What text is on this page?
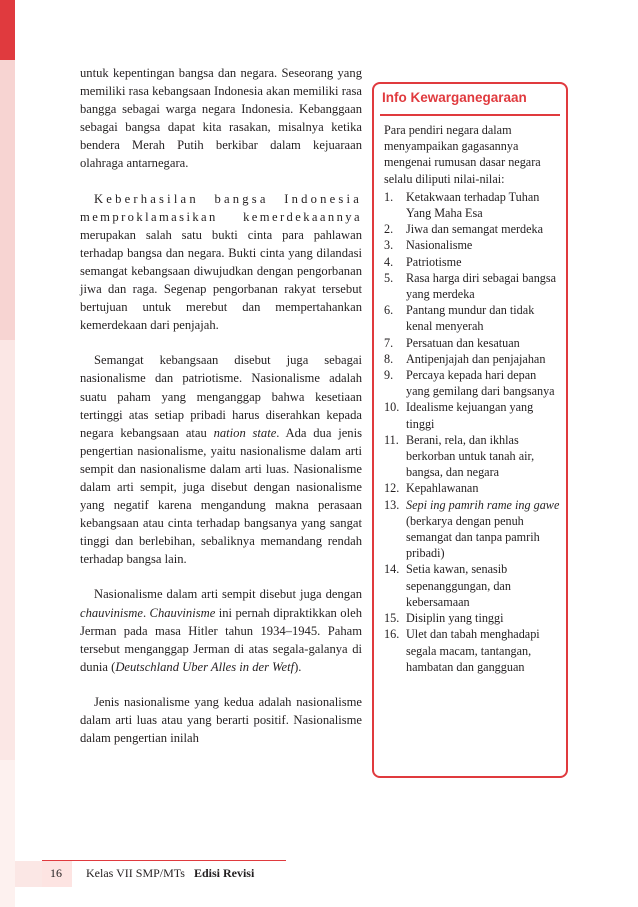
untuk kepentingan bangsa dan negara. Seseorang yang memiliki rasa kebangsaan Indonesia akan memiliki rasa bangga sebagai warga negara Indonesia. Kebanggaan sebagai bangsa dapat kita rasakan, misalnya ketika bendera Merah Putih berkibar dalam kejuaraan olahraga antarnegara.

Keberhasilan bangsa Indonesia memproklamasikan kemerdekaannya merupakan salah satu bukti cinta para pahlawan terhadap bangsa dan negara. Bukti cinta yang dilandasi semangat kebangsaan diwujudkan dengan pengorbanan jiwa dan raga. Segenap pengorbanan rakyat tersebut bertujuan untuk merebut dan mempertahankan kemerdekaan dari penjajah.

Semangat kebangsaan disebut juga sebagai nasionalisme dan patriotisme. Nasionalisme adalah suatu paham yang menganggap bahwa kesetiaan tertinggi atas setiap pribadi harus diserahkan kepada negara kebangsaan atau nation state. Ada dua jenis pengertian nasionalisme, yaitu nasionalisme dalam arti sempit dan nasionalisme dalam arti luas. Nasionalisme dalam arti sempit, juga disebut dengan nasionalisme yang negatif karena mengandung makna perasaan kebangsaan atau cinta terhadap bangsanya yang sangat tinggi dan berlebihan, sebaliknya memandang rendah terhadap bangsa lain.

Nasionalisme dalam arti sempit disebut juga dengan chauvinisme. Chauvinisme ini pernah dipraktikkan oleh Jerman pada masa Hitler tahun 1934–1945. Paham tersebut menganggap Jerman di atas segala-galanya di dunia (Deutschland Uber Alles in der Wetf).

Jenis nasionalisme yang kedua adalah nasionalisme dalam arti luas atau yang berarti positif. Nasionalisme dalam pengertian inilah

Info Kewarganegaraan

Para pendiri negara dalam menyampaikan gagasannya mengenai rumusan dasar negara selalu diliputi nilai-nilai:

1.	Ketakwaan terhadap Tuhan Yang Maha Esa
2.	Jiwa dan semangat merdeka
3.	Nasionalisme
4.	Patriotisme
5.	Rasa harga diri sebagai bangsa yang merdeka
6.	Pantang mundur dan tidak kenal menyerah
7.	Persatuan dan kesatuan
8.	Antipenjajah dan penjajahan
9.	Percaya kepada hari depan yang gemilang dari bangsanya
10. Idealisme kejuangan yang tinggi
11. Berani, rela, dan ikhlas berkorban untuk tanah air, bangsa, dan negara
12. Kepahlawanan
13. Sepi ing pamrih rame ing gawe (berkarya dengan penuh semangat dan tanpa pamrih pribadi)
14. Setia kawan, senasib sepenanggungan, dan kebersamaan
15. Disiplin yang tinggi
16. Ulet dan tabah menghadapi segala macam, tantangan, hambatan dan gangguan
16 Kelas VII SMP/MTs Edisi Revisi
